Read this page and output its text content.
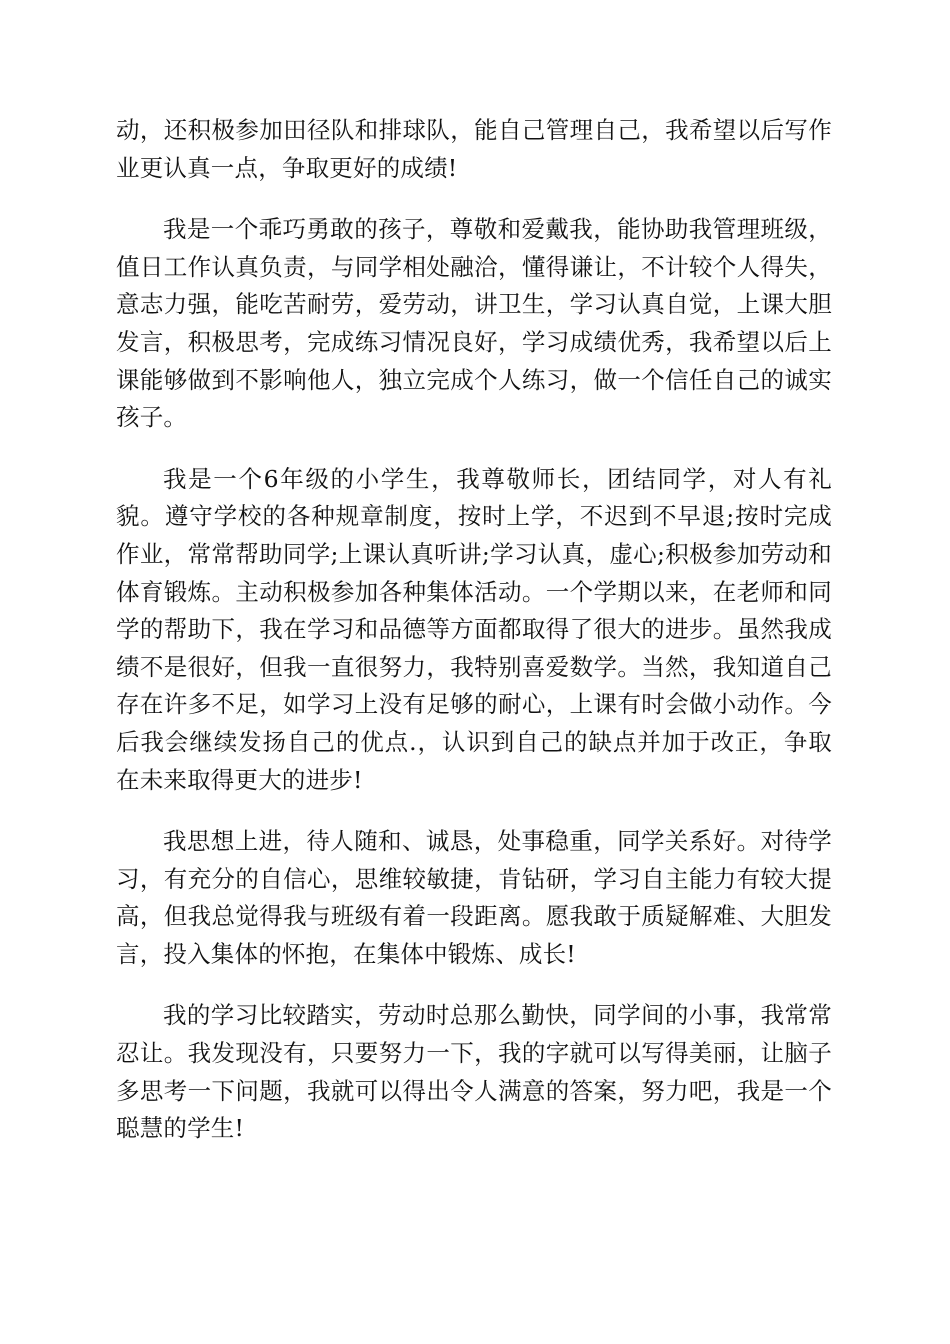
动，还积极参加田径队和排球队，能自己管理自己，我希望以后写作业更认真一点，争取更好的成绩!

我是一个乖巧勇敢的孩子，尊敬和爱戴我，能协助我管理班级，值日工作认真负责，与同学相处融洽，懂得谦让，不计较个人得失，意志力强，能吃苦耐劳，爱劳动，讲卫生，学习认真自觉，上课大胆发言，积极思考，完成练习情况良好，学习成绩优秀，我希望以后上课能够做到不影响他人，独立完成个人练习，做一个信任自己的诚实孩子。

我是一个6年级的小学生，我尊敬师长，团结同学，对人有礼貌。遵守学校的各种规章制度，按时上学，不迟到不早退;按时完成作业，常常帮助同学;上课认真听讲;学习认真，虚心;积极参加劳动和体育锻炼。主动积极参加各种集体活动。一个学期以来，在老师和同学的帮助下，我在学习和品德等方面都取得了很大的进步。虽然我成绩不是很好，但我一直很努力，我特别喜爱数学。当然，我知道自己存在许多不足，如学习上没有足够的耐心，上课有时会做小动作。今后我会继续发扬自己的优点.，认识到自己的缺点并加于改正，争取在未来取得更大的进步!

我思想上进，待人随和、诚恳，处事稳重，同学关系好。对待学习，有充分的自信心，思维较敏捷，肯钻研，学习自主能力有较大提高，但我总觉得我与班级有着一段距离。愿我敢于质疑解难、大胆发言，投入集体的怀抱，在集体中锻炼、成长!

我的学习比较踏实，劳动时总那么勤快，同学间的小事，我常常忍让。我发现没有，只要努力一下，我的字就可以写得美丽，让脑子多思考一下问题，我就可以得出令人满意的答案，努力吧，我是一个聪慧的学生!
